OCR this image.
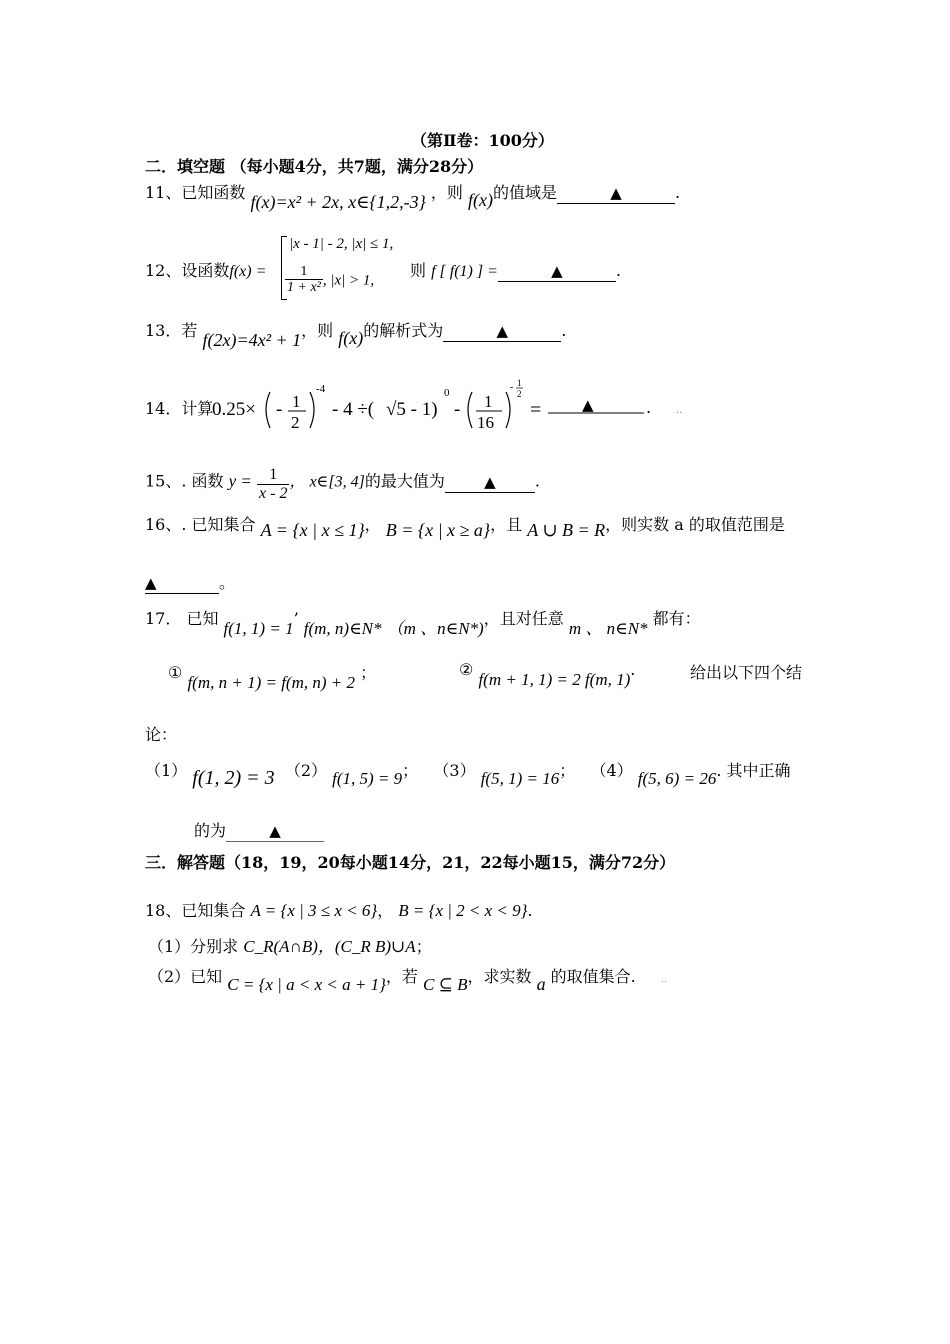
（第Ⅱ卷：100分）
二．填空题 （每小题4分，共7题，满分28分）
11、已知函数 f(x)=x² + 2x, x∈{1,2,-3} ，则 f(x)的值域是	▲	.
12、设函数f(x) =
|x - 1| - 2, |x| ≤ 1,
$\frac{1}{\text{1 + x²}}$ , |x| > 1,
则 f [ f(1) ] =	▲	.
13．若 f(2x)=4x² + 1，则 f(x)的解析式为	▲	.
14．计算
0.25× - 1
2
-4
- 4 ÷( √5 - 1)
0
- 1
16
- 1
2
=	▲	. ..
15、. 函数 $y = \frac{1}{x - 2}$ ， x∈[3, 4]的最大值为	▲ .
16、. 已知集合 A = {x | x ≤ 1}， B = {x | x ≥ a}，且 A ∪ B = R，则实数 a 的取值范围是
▲	。
17． 已知 f(1, 1) = 1’ f(m, n)∈N* （m 、n∈N*)，且对任意 m 、 n∈N* 都有：
① f(m, n + 1) = f(m, n) + 2 ；	② f(m + 1, 1) = 2 f(m, 1).	给出以下四个结
论：
（1） f(1, 2) = 3 （2） f(1, 5) = 9； （3） f(5, 1) = 16； （4） f(5, 6) = 26. 其中正确
的为	▲
三．解答题（18，19，20每小题14分，21，22每小题15，满分72分）
18、已知集合 A = {x | 3 ≤ x < 6}， B = {x | 2 < x < 9}.
（1）分别求 C_R(A∩B)，(C_R B)∪A；
（2）已知 C = {x | a < x < a + 1}，若 C ⊆ B，求实数 a 的取值集合.	..
